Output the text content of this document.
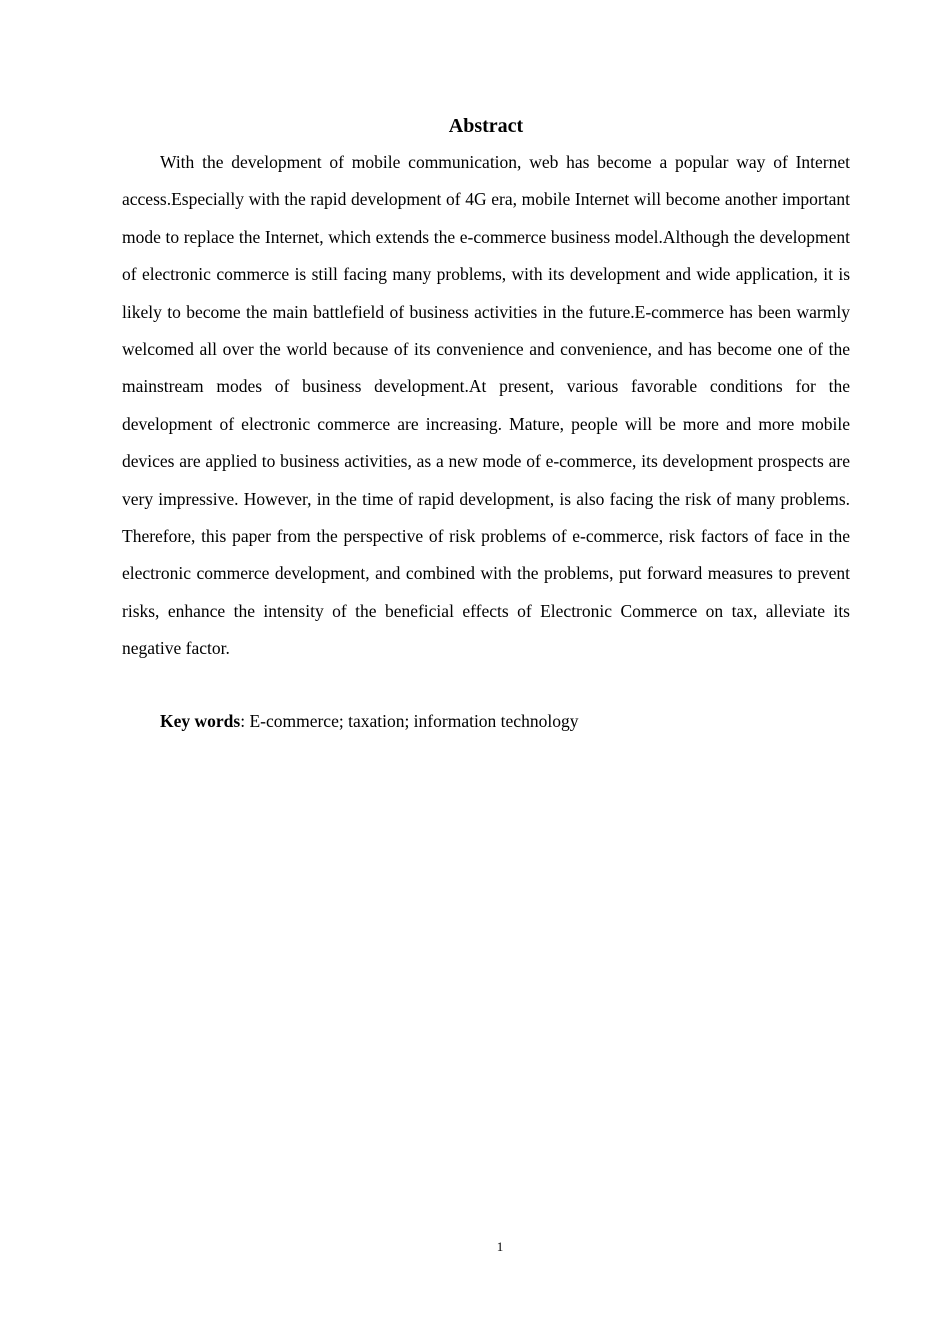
Abstract

With the development of mobile communication, web has become a popular way of Internet access.Especially with the rapid development of 4G era, mobile Internet will become another important mode to replace the Internet, which extends the e-commerce business model.Although the development of electronic commerce is still facing many problems, with its development and wide application, it is likely to become the main battlefield of business activities in the future.E-commerce has been warmly welcomed all over the world because of its convenience and convenience, and has become one of the mainstream modes of business development.At present, various favorable conditions for the development of electronic commerce are increasing. Mature, people will be more and more mobile devices are applied to business activities, as a new mode of e-commerce, its development prospects are very impressive. However, in the time of rapid development, is also facing the risk of many problems. Therefore, this paper from the perspective of risk problems of e-commerce, risk factors of face in the electronic commerce development, and combined with the problems, put forward measures to prevent risks, enhance the intensity of the beneficial effects of Electronic Commerce on tax, alleviate its negative factor.

Key words: E-commerce; taxation; information technology

1
